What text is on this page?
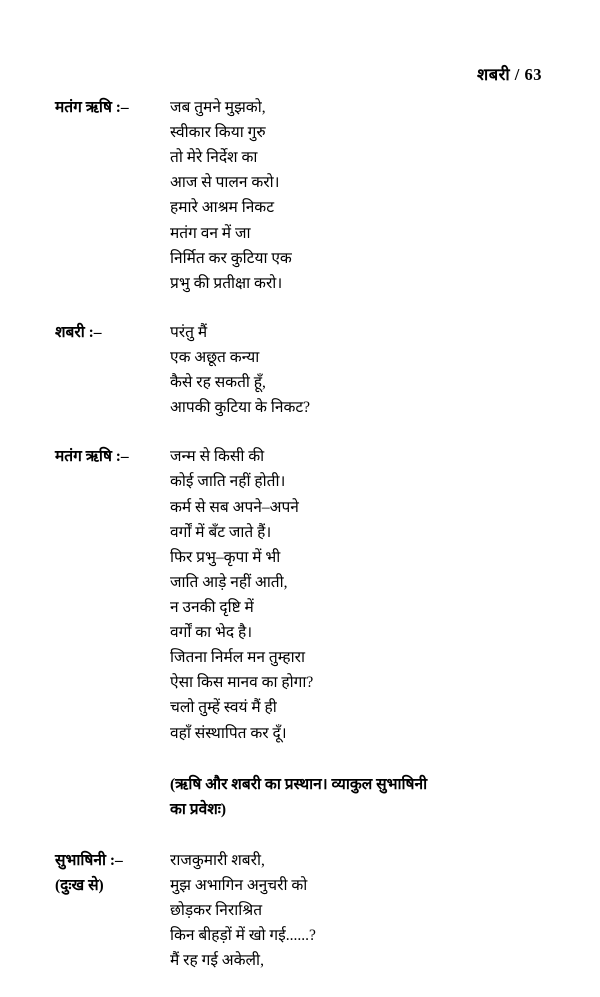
शबरी / 63
मतंग ऋषि :–	जब तुमने मुझको,
स्वीकार किया गुरु
तो मेरे निर्देश का
आज से पालन करो।
हमारे आश्रम निकट
मतंग वन में जा
निर्मित कर कुटिया एक
प्रभु की प्रतीक्षा करो।
शबरी :–	परंतु मैं
एक अछूत कन्या
कैसे रह सकती हूँ,
आपकी कुटिया के निकट?
मतंग ऋषि :–	जन्म से किसी की
कोई जाति नहीं होती।
कर्म से सब अपने–अपने
वर्गों में बँट जाते हैं।
फिर प्रभु–कृपा में भी
जाति आड़े नहीं आती,
न उनकी दृष्टि में
वर्गों का भेद है।
जितना निर्मल मन तुम्हारा
ऐसा किस मानव का होगा?
चलो तुम्हें स्वयं मैं ही
वहाँ संस्थापित कर दूँ।
(ऋषि और शबरी का प्रस्थान। व्याकुल सुभाषिनी
का प्रवेशः)
सुभाषिनी :–
(दुःख से)
राजकुमारी शबरी,
मुझ अभागिन अनुचरी को
छोड़कर निराश्रित
किन बीहड़ों में खो गई......?
मैं रह गई अकेली,
